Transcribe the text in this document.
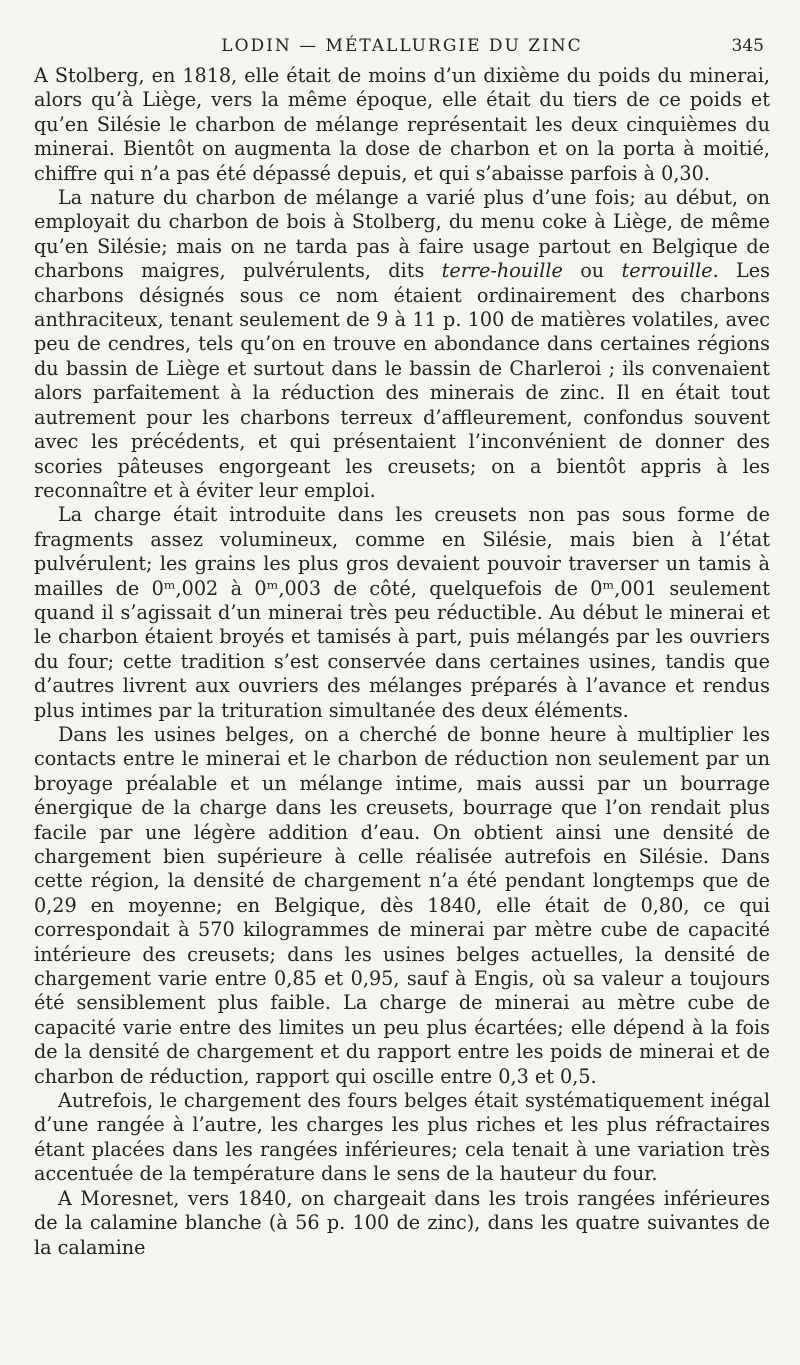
LODIN — MÉTALLURGIE DU ZINC	345

A Stolberg, en 1818, elle était de moins d’un dixième du poids du minerai, alors qu’à Liège, vers la même époque, elle était du tiers de ce poids et qu’en Silésie le charbon de mélange représentait les deux cinquièmes du minerai. Bientôt on augmenta la dose de charbon et on la porta à moitié, chiffre qui n’a pas été dépassé depuis, et qui s’abaisse parfois à 0,30.

La nature du charbon de mélange a varié plus d’une fois; au début, on employait du charbon de bois à Stolberg, du menu coke à Liège, de même qu’en Silésie; mais on ne tarda pas à faire usage partout en Belgique de charbons maigres, pulvérulents, dits terre-houille ou terrouille. Les charbons désignés sous ce nom étaient ordinairement des charbons anthraciteux, tenant seulement de 9 à 11 p. 100 de matières volatiles, avec peu de cendres, tels qu’on en trouve en abondance dans certaines régions du bassin de Liège et surtout dans le bassin de Charleroi ; ils convenaient alors parfaitement à la réduction des minerais de zinc. Il en était tout autrement pour les charbons terreux d’affleurement, confondus souvent avec les précédents, et qui présentaient l’inconvénient de donner des scories pâteuses engorgeant les creusets; on a bientôt appris à les reconnaître et à éviter leur emploi.

La charge était introduite dans les creusets non pas sous forme de fragments assez volumineux, comme en Silésie, mais bien à l’état pulvérulent; les grains les plus gros devaient pouvoir traverser un tamis à mailles de 0ᵐ,002 à 0ᵐ,003 de côté, quelquefois de 0ᵐ,001 seulement quand il s’agissait d’un minerai très peu réductible. Au début le minerai et le charbon étaient broyés et tamisés à part, puis mélangés par les ouvriers du four; cette tradition s’est conservée dans certaines usines, tandis que d’autres livrent aux ouvriers des mélanges préparés à l’avance et rendus plus intimes par la trituration simultanée des deux éléments.

Dans les usines belges, on a cherché de bonne heure à multiplier les contacts entre le minerai et le charbon de réduction non seulement par un broyage préalable et un mélange intime, mais aussi par un bourrage énergique de la charge dans les creusets, bourrage que l’on rendait plus facile par une légère addition d’eau. On obtient ainsi une densité de chargement bien supérieure à celle réalisée autrefois en Silésie. Dans cette région, la densité de chargement n’a été pendant longtemps que de 0,29 en moyenne; en Belgique, dès 1840, elle était de 0,80, ce qui correspondait à 570 kilogrammes de minerai par mètre cube de capacité intérieure des creusets; dans les usines belges actuelles, la densité de chargement varie entre 0,85 et 0,95, sauf à Engis, où sa valeur a toujours été sensiblement plus faible. La charge de minerai au mètre cube de capacité varie entre des limites un peu plus écartées; elle dépend à la fois de la densité de chargement et du rapport entre les poids de minerai et de charbon de réduction, rapport qui oscille entre 0,3 et 0,5.

Autrefois, le chargement des fours belges était systématiquement inégal d’une rangée à l’autre, les charges les plus riches et les plus réfractaires étant placées dans les rangées inférieures; cela tenait à une variation très accentuée de la température dans le sens de la hauteur du four.

A Moresnet, vers 1840, on chargeait dans les trois rangées inférieures de la calamine blanche (à 56 p. 100 de zinc), dans les quatre suivantes de la calamine
